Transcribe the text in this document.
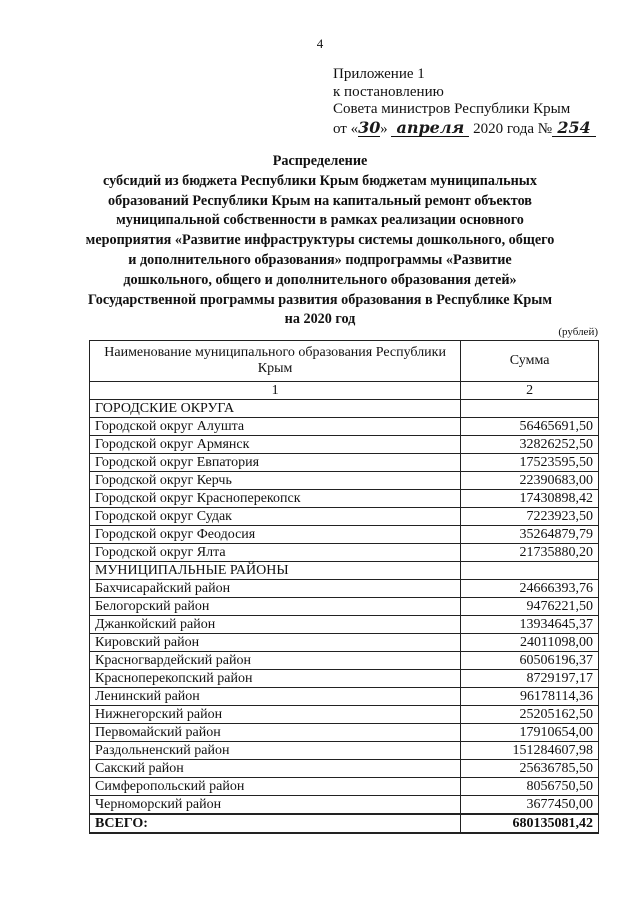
4
Приложение 1
к постановлению
Совета министров Республики Крым
от «30» апреля 2020 года № 254
Распределение
субсидий из бюджета Республики Крым бюджетам муниципальных
образований Республики Крым на капитальный ремонт объектов
муниципальной собственности в рамках реализации основного
мероприятия «Развитие инфраструктуры системы дошкольного, общего
и дополнительного образования» подпрограммы «Развитие
дошкольного, общего и дополнительного образования детей»
Государственной программы развития образования в Республике Крым
на 2020 год
(рублей)
Наименование муниципального образования Республики Крым	Сумма
1	2
ГОРОДСКИЕ ОКРУГА	
Городской округ Алушта	56465691,50
Городской округ Армянск	32826252,50
Городской округ Евпатория	17523595,50
Городской округ Керчь	22390683,00
Городской округ Красноперекопск	17430898,42
Городской округ Судак	7223923,50
Городской округ Феодосия	35264879,79
Городской округ Ялта	21735880,20
МУНИЦИПАЛЬНЫЕ РАЙОНЫ	
Бахчисарайский район	24666393,76
Белогорский район	9476221,50
Джанкойский район	13934645,37
Кировский район	24011098,00
Красногвардейский район	60506196,37
Красноперекопский район	8729197,17
Ленинский район	96178114,36
Нижнегорский район	25205162,50
Первомайский район	17910654,00
Раздольненский район	151284607,98
Сакский район	25636785,50
Симферопольский район	8056750,50
Черноморский район	3677450,00
ВСЕГО:	680135081,42
